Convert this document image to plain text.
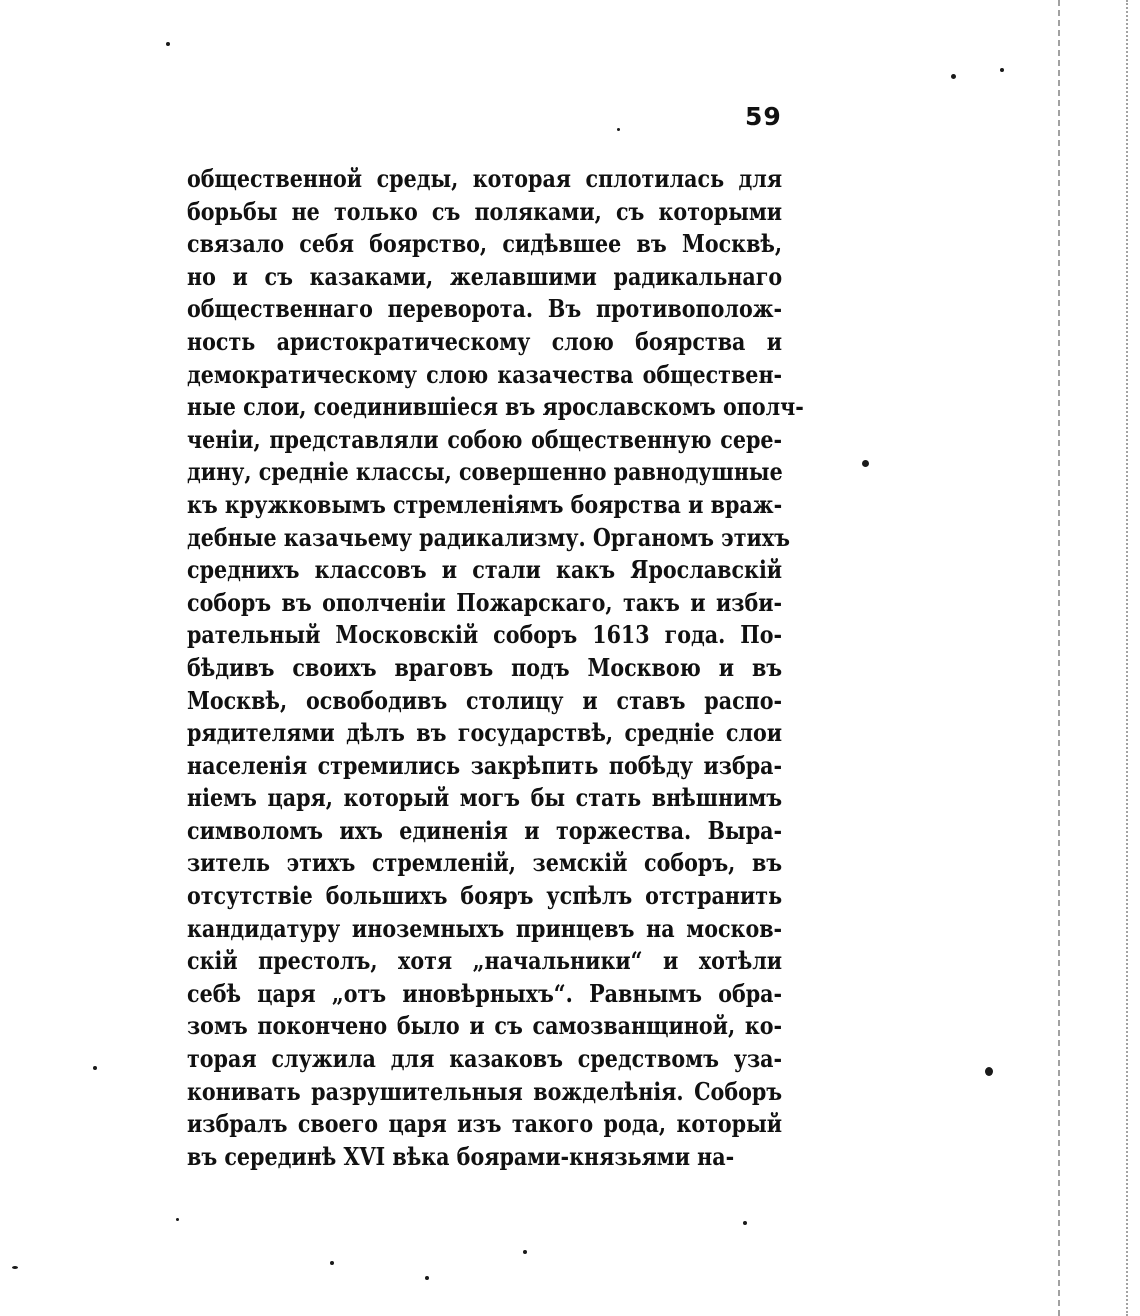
59
общественной среды, которая сплотилась для
борьбы не только съ поляками, съ которыми
связало себя боярство, сидѣвшее въ Москвѣ,
но и съ казаками, желавшими радикальнаго
общественнаго переворота. Въ противополож-
ность аристократическому слою боярства и
демократическому слою казачества обществен-
ные слои, соединившіеся въ ярославскомъ ополч-
ченіи, представляли собою общественную сере-
дину, средніе классы, совершенно равнодушные
къ кружковымъ стремленіямъ боярства и враж-
дебные казачьему радикализму. Органомъ этихъ
среднихъ классовъ и стали какъ Ярославскій
соборъ въ ополченіи Пожарскаго, такъ и изби-
рательный Московскій соборъ 1613 года. По-
бѣдивъ своихъ враговъ подъ Москвою и въ
Москвѣ, освободивъ столицу и ставъ распо-
рядителями дѣлъ въ государствѣ, средніе слои
населенія стремились закрѣпить побѣду избра-
ніемъ царя, который могъ бы стать внѣшнимъ
символомъ ихъ единенія и торжества. Выра-
зитель этихъ стремленій, земскій соборъ, въ
отсутствіе большихъ бояръ успѣлъ отстранить
кандидатуру иноземныхъ принцевъ на москов-
скій престолъ, хотя „начальники“ и хотѣли
себѣ царя „отъ иновѣрныхъ“. Равнымъ обра-
зомъ покончено было и съ самозванщиной, ко-
торая служила для казаковъ средствомъ уза-
конивать разрушительныя вожделѣнія. Соборъ
избралъ своего царя изъ такого рода, который
въ серединѣ XVI вѣка боярами-князьями на-
